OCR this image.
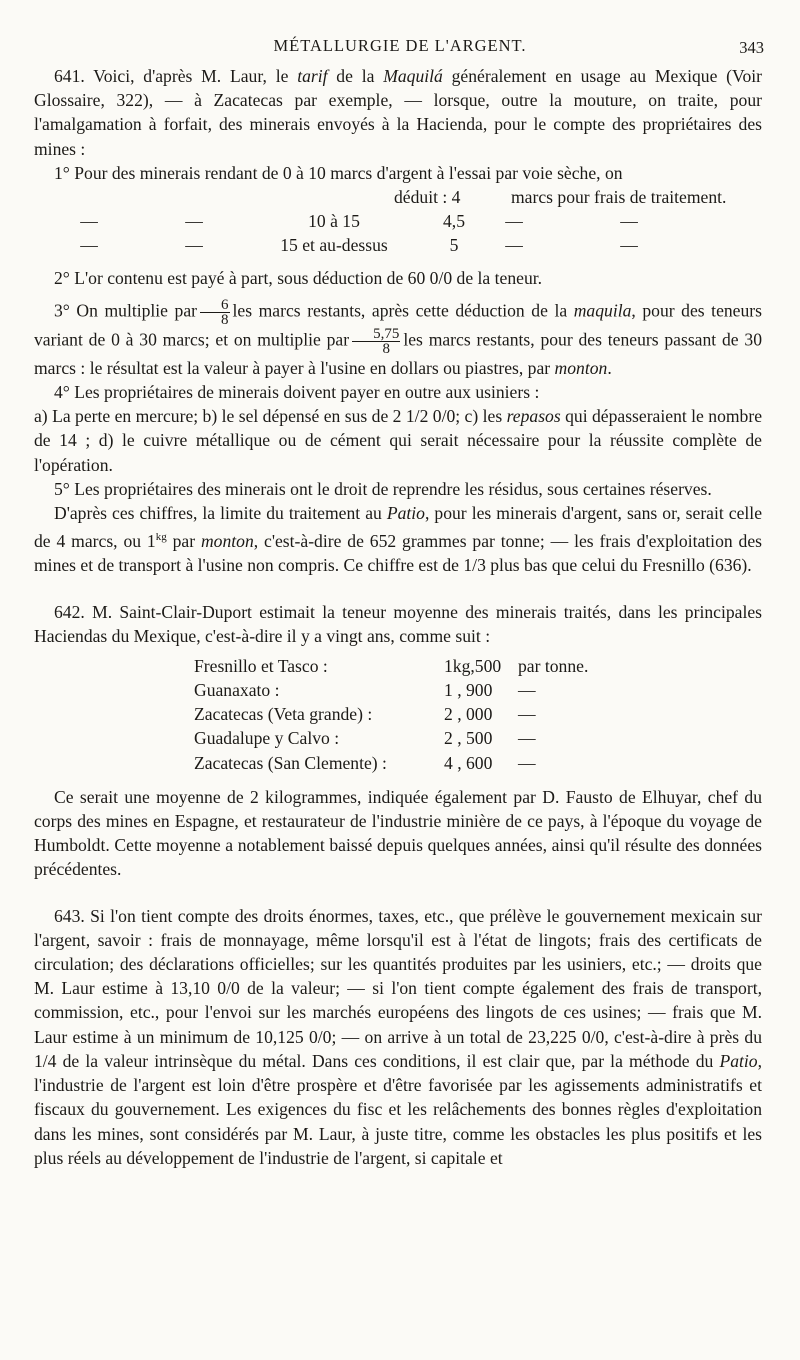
MÉTALLURGIE DE L'ARGENT.	343

641. Voici, d'après M. Laur, le tarif de la Maquilá généralement en usage au Mexique (Voir Glossaire, 322), — à Zacatecas par exemple, — lorsque, outre la mouture, on traite, pour l'amalgamation à forfait, des minerais envoyés à la Hacienda, pour le compte des propriétaires des mines :

1° Pour des minerais rendant de 0 à 10 marcs d'argent à l'essai par voie sèche, on

déduit : 4	marcs pour frais de traitement.
—	—	10 à 15	4,5	—	—
—	—	15 et au-dessus	5	—	—

2° L'or contenu est payé à part, sous déduction de 60 0/0 de la teneur.

3° On multiplie par $\frac{6}{8}$ les marcs restants, après cette déduction de la maquila, pour des teneurs variant de 0 à 30 marcs; et on multiplie par $\frac{5,75}{8}$ les marcs restants, pour des teneurs passant de 30 marcs : le résultat est la valeur à payer à l'usine en dollars ou piastres, par monton.

4° Les propriétaires de minerais doivent payer en outre aux usiniers :

a) La perte en mercure; b) le sel dépensé en sus de 2 1/2 0/0; c) les repasos qui dépasseraient le nombre de 14 ; d) le cuivre métallique ou de cément qui serait nécessaire pour la réussite complète de l'opération.

5° Les propriétaires des minerais ont le droit de reprendre les résidus, sous certaines réserves.

D'après ces chiffres, la limite du traitement au Patio, pour les minerais d'argent, sans or, serait celle de 4 marcs, ou $1^{kg}$ par monton, c'est-à-dire de 652 grammes par tonne; — les frais d'exploitation des mines et de transport à l'usine non compris. Ce chiffre est de 1/3 plus bas que celui du Fresnillo (636).

642. M. Saint-Clair-Duport estimait la teneur moyenne des minerais traités, dans les principales Haciendas du Mexique, c'est-à-dire il y a vingt ans, comme suit :

Fresnillo et Tasco :	1kg,500 par tonne.
Guanaxato :	1 , 900	—
Zacatecas (Veta grande) :	2 , 000	—
Guadalupe y Calvo :	2 , 500	—
Zacatecas (San Clemente) :	4 , 600	—

Ce serait une moyenne de 2 kilogrammes, indiquée également par D. Fausto de Elhuyar, chef du corps des mines en Espagne, et restaurateur de l'industrie minière de ce pays, à l'époque du voyage de Humboldt. Cette moyenne a notablement baissé depuis quelques années, ainsi qu'il résulte des données précédentes.

643. Si l'on tient compte des droits énormes, taxes, etc., que prélève le gouvernement mexicain sur l'argent, savoir : frais de monnayage, même lorsqu'il est à l'état de lingots; frais des certificats de circulation; des déclarations officielles; sur les quantités produites par les usiniers, etc.; — droits que M. Laur estime à 13,10 0/0 de la valeur; — si l'on tient compte également des frais de transport, commission, etc., pour l'envoi sur les marchés européens des lingots de ces usines; — frais que M. Laur estime à un minimum de 10,125 0/0; — on arrive à un total de 23,225 0/0, c'est-à-dire à près du 1/4 de la valeur intrinsèque du métal. Dans ces conditions, il est clair que, par la méthode du Patio, l'industrie de l'argent est loin d'être prospère et d'être favorisée par les agissements administratifs et fiscaux du gouvernement. Les exigences du fisc et les relâchements des bonnes règles d'exploitation dans les mines, sont considérés par M. Laur, à juste titre, comme les obstacles les plus positifs et les plus réels au développement de l'industrie de l'argent, si capitale et
